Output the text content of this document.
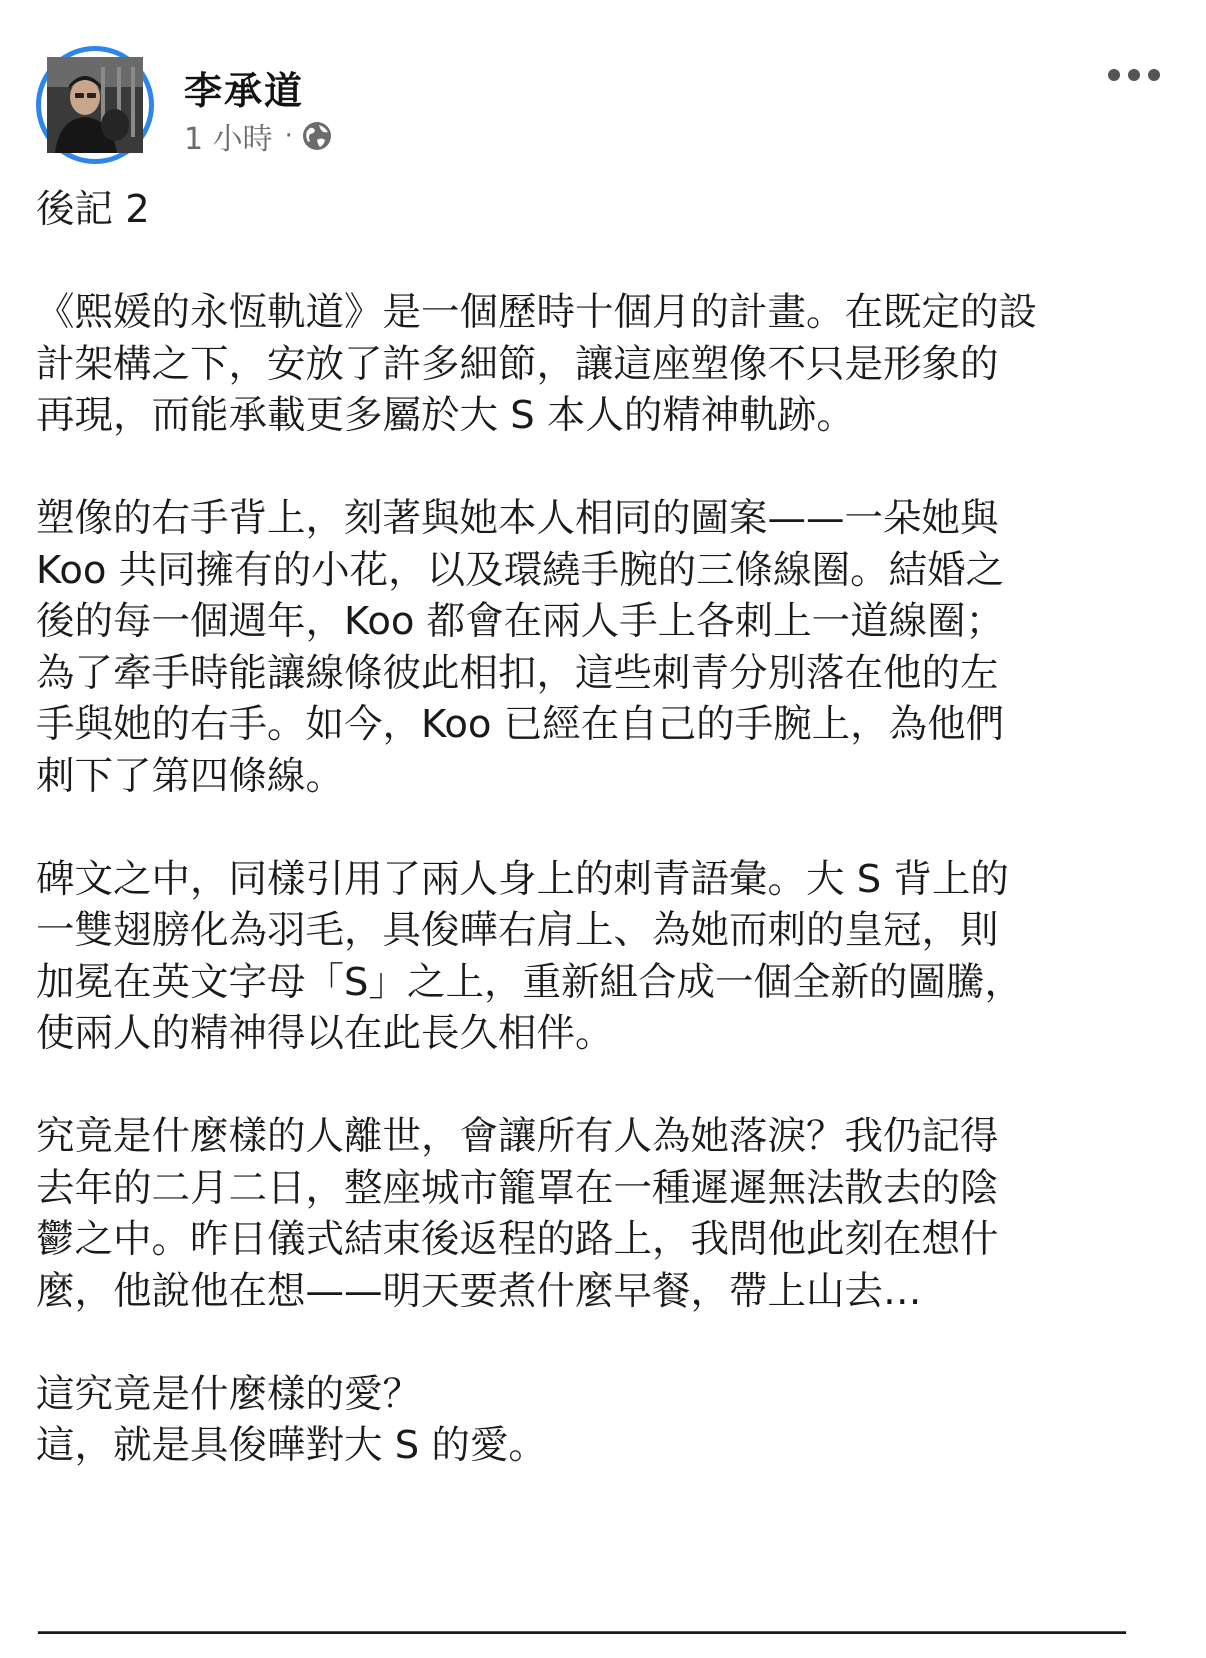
李承道
1 小時 ·

後記 2

《熙媛的永恆軌道》是一個歷時十個月的計畫。在既定的設
計架構之下，安放了許多細節，讓這座塑像不只是形象的
再現，而能承載更多屬於大 S 本人的精神軌跡。

塑像的右手背上，刻著與她本人相同的圖案——一朵她與
Koo 共同擁有的小花，以及環繞手腕的三條線圈。結婚之
後的每一個週年，Koo 都會在兩人手上各刺上一道線圈；
為了牽手時能讓線條彼此相扣，這些刺青分別落在他的左
手與她的右手。如今，Koo 已經在自己的手腕上，為他們
刺下了第四條線。

碑文之中，同樣引用了兩人身上的刺青語彙。大 S 背上的
一雙翅膀化為羽毛，具俊曄右肩上、為她而刺的皇冠，則
加冕在英文字母「S」之上，重新組合成一個全新的圖騰，
使兩人的精神得以在此長久相伴。

究竟是什麼樣的人離世，會讓所有人為她落淚？我仍記得
去年的二月二日，整座城市籠罩在一種遲遲無法散去的陰
鬱之中。昨日儀式結束後返程的路上，我問他此刻在想什
麼，他說他在想——明天要煮什麼早餐，帶上山去…

這究竟是什麼樣的愛？
這，就是具俊曄對大 S 的愛。

————————————————————————————————
